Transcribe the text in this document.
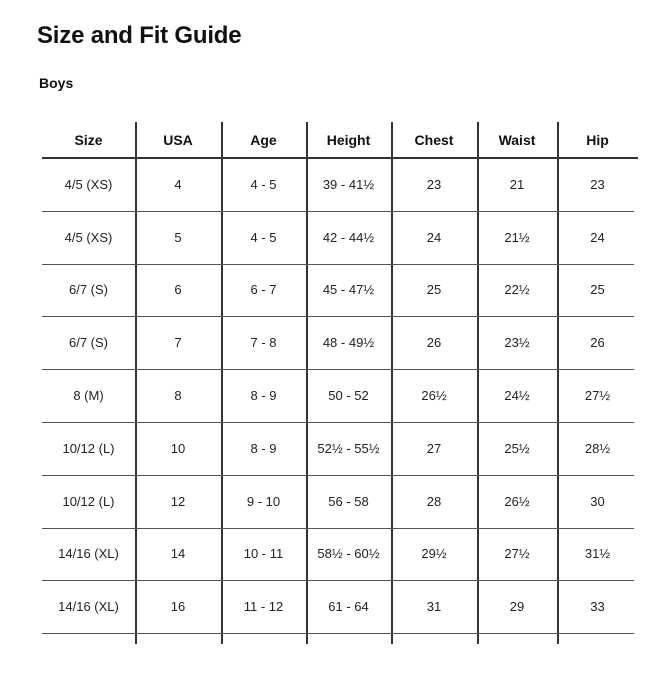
Size and Fit Guide
Boys
Size	USA	Age	Height	Chest	Waist	Hip
4/5 (XS)	4	4 - 5	39 - 41½	23	21	23
4/5 (XS)	5	4 - 5	42 - 44½	24	21½	24
6/7 (S)	6	6 - 7	45 - 47½	25	22½	25
6/7 (S)	7	7 - 8	48 - 49½	26	23½	26
8 (M)	8	8 - 9	50 - 52	26½	24½	27½
10/12 (L)	10	8 - 9	52½ - 55½	27	25½	28½
10/12 (L)	12	9 - 10	56 - 58	28	26½	30
14/16 (XL)	14	10 - 11	58½ - 60½	29½	27½	31½
14/16 (XL)	16	11 - 12	61 - 64	31	29	33
